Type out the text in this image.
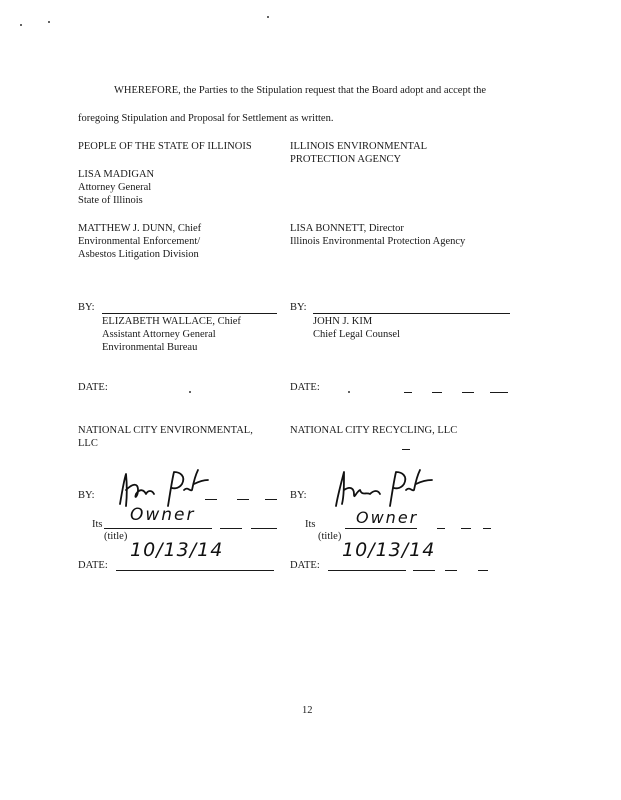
WHEREFORE, the Parties to the Stipulation request that the Board adopt and accept the
foregoing Stipulation and Proposal for Settlement as written.
PEOPLE OF THE STATE OF ILLINOIS
LISA MADIGAN
Attorney General
State of Illinois
MATTHEW J. DUNN, Chief
Environmental Enforcement/
Asbestos Litigation Division
ILLINOIS ENVIRONMENTAL
PROTECTION AGENCY
LISA BONNETT, Director
Illinois Environmental Protection Agency
BY:
ELIZABETH WALLACE, Chief
Assistant Attorney General
Environmental Bureau
BY:
JOHN J. KIM
Chief Legal Counsel
DATE:	DATE:
NATIONAL CITY ENVIRONMENTAL,
LLC
NATIONAL CITY RECYCLING, LLC
BY:
Its Owner
(title)
DATE:
10/13/14
BY:
Its	Owner
(title)
DATE:
10/13/14
12
